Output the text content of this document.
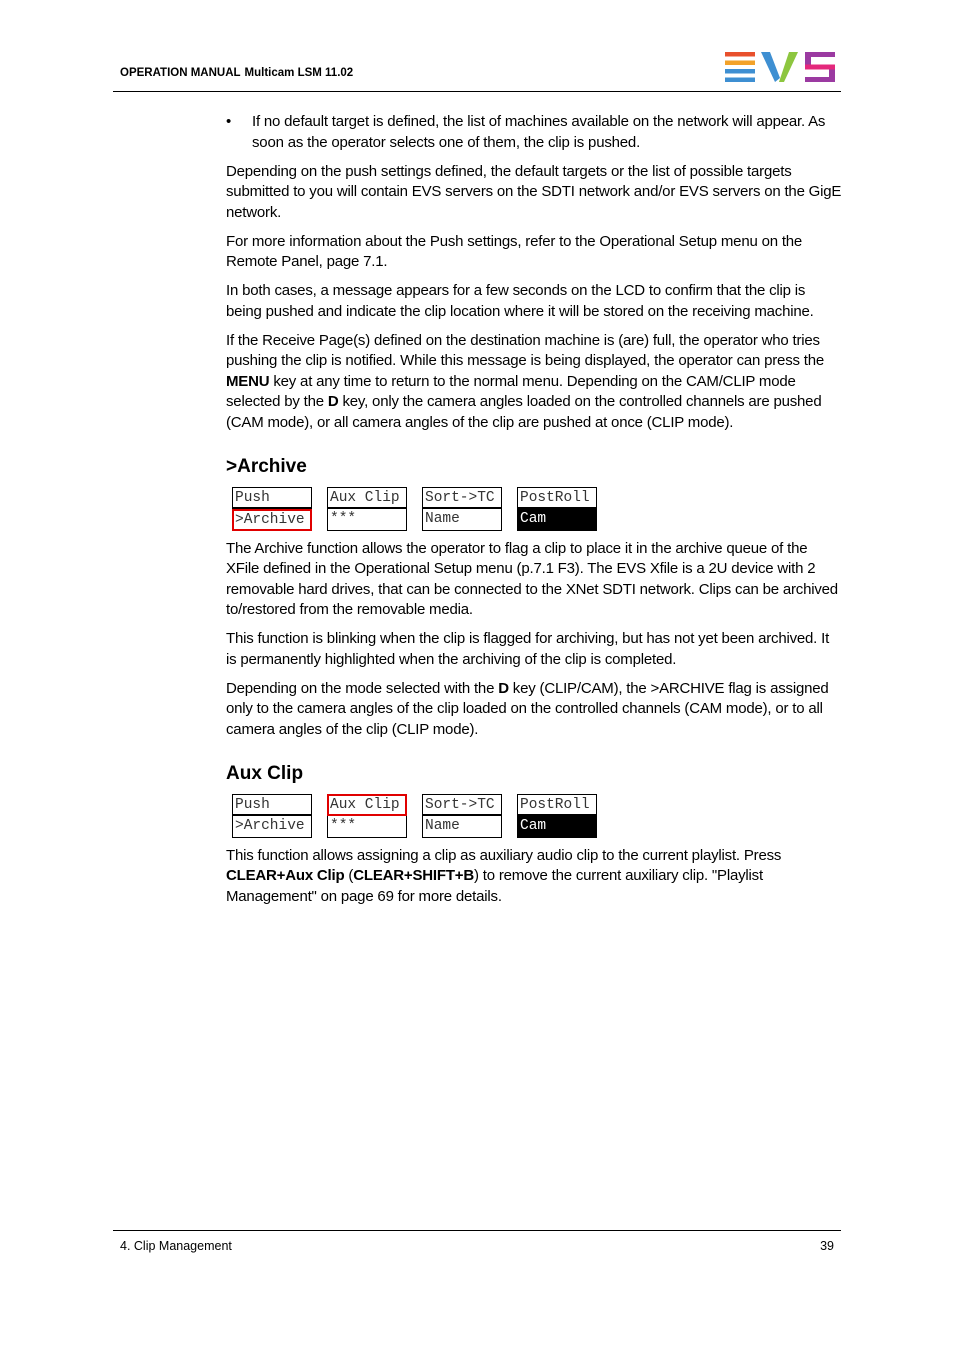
OPERATION MANUAL Multicam LSM 11.02
• If no default target is defined, the list of machines available on the network will appear. As soon as the operator selects one of them, the clip is pushed.

Depending on the push settings defined, the default targets or the list of possible targets submitted to you will contain EVS servers on the SDTI network and/or EVS servers on the GigE network.

For more information about the Push settings, refer to the Operational Setup menu on the Remote Panel, page 7.1.

In both cases, a message appears for a few seconds on the LCD to confirm that the clip is being pushed and indicate the clip location where it will be stored on the receiving machine.

If the Receive Page(s) defined on the destination machine is (are) full, the operator who tries pushing the clip is notified. While this message is being displayed, the operator can press the MENU key at any time to return to the normal menu. Depending on the CAM/CLIP mode selected by the D key, only the camera angles loaded on the controlled channels are pushed (CAM mode), or all camera angles of the clip are pushed at once (CLIP mode).

>Archive
Push
>Archive
Aux Clip
***
Sort->TC
Name
PostRoll
Cam

The Archive function allows the operator to flag a clip to place it in the archive queue of the XFile defined in the Operational Setup menu (p.7.1 F3). The EVS Xfile is a 2U device with 2 removable hard drives, that can be connected to the XNet SDTI network. Clips can be archived to/restored from the removable media.

This function is blinking when the clip is flagged for archiving, but has not yet been archived. It is permanently highlighted when the archiving of the clip is completed.

Depending on the mode selected with the D key (CLIP/CAM), the >ARCHIVE flag is assigned only to the camera angles of the clip loaded on the controlled channels (CAM mode), or to all camera angles of the clip (CLIP mode).

Aux Clip
Push
>Archive
Aux Clip
***
Sort->TC
Name
PostRoll
Cam

This function allows assigning a clip as auxiliary audio clip to the current playlist. Press CLEAR+Aux Clip (CLEAR+SHIFT+B) to remove the current auxiliary clip. "Playlist Management" on page 69 for more details.

4. Clip Management	39
